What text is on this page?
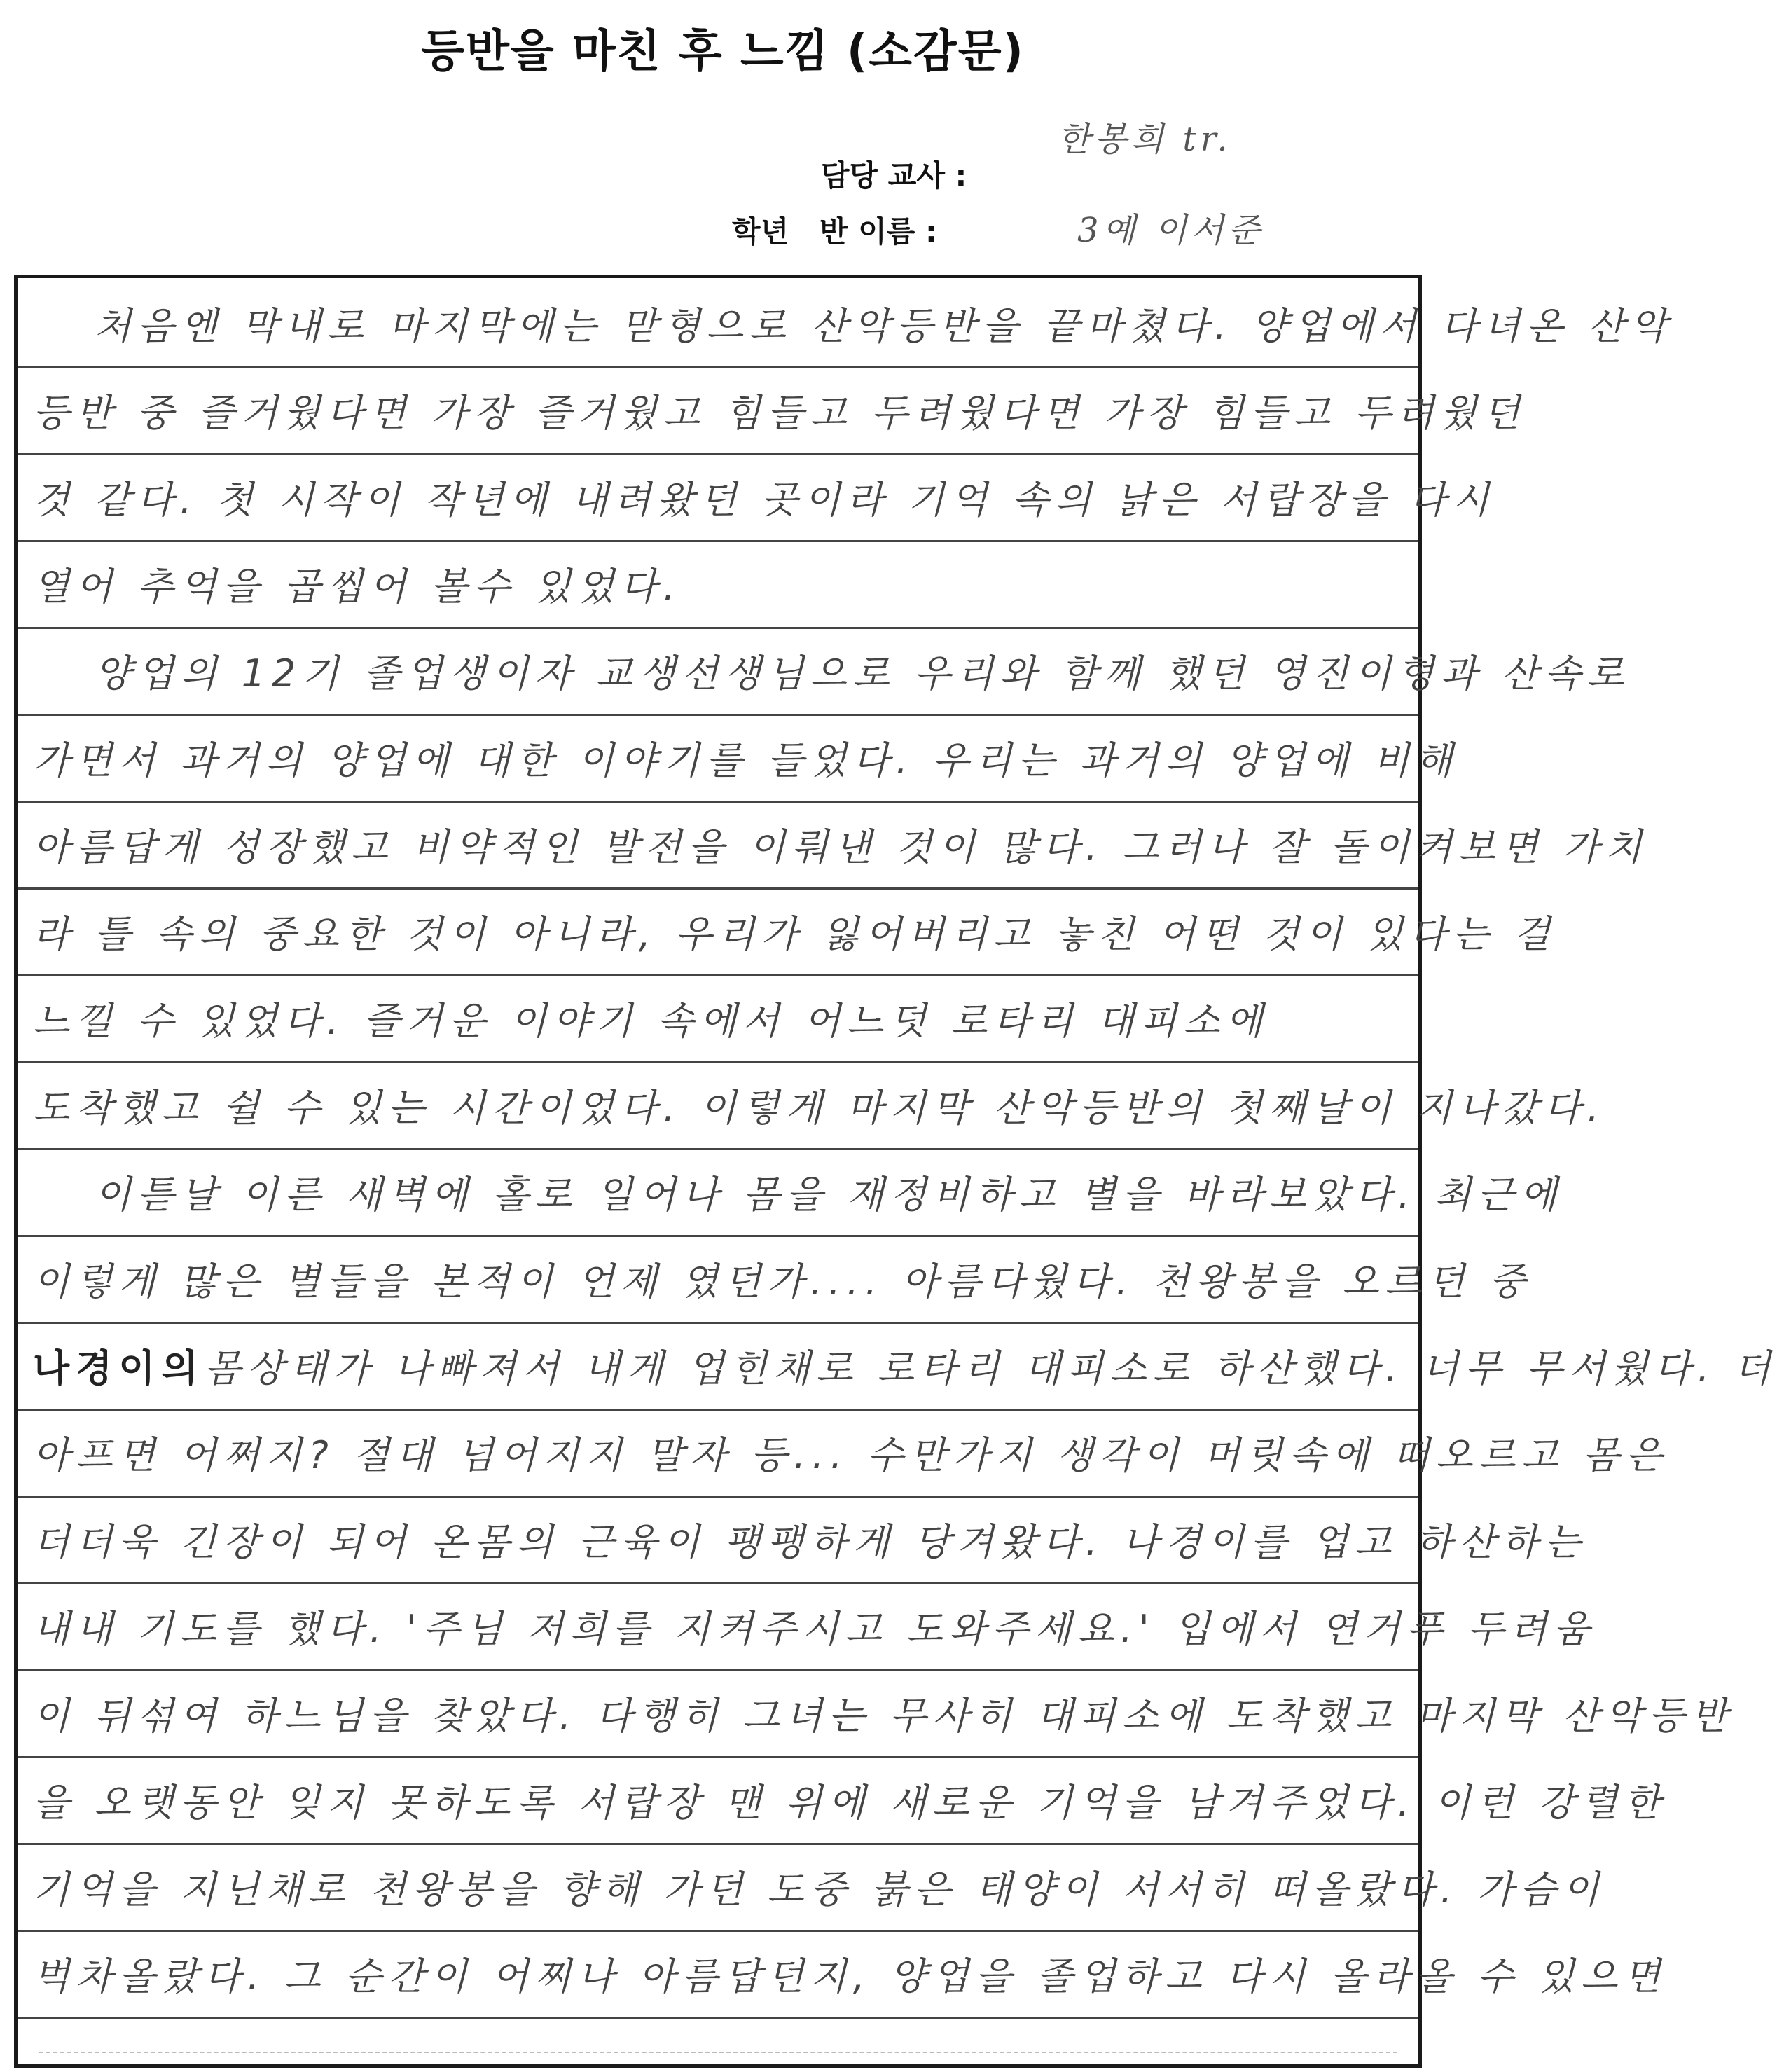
등반을 마친 후 느낌 (소감문)
담당 교사 :
한봉희 tr.
학년   반 이름 :	3예 이서준
처음엔 막내로 마지막에는 맏형으로 산악등반을 끝마쳤다. 양업에서 다녀온 산악
등반 중 즐거웠다면 가장 즐거웠고 힘들고 두려웠다면 가장 힘들고 두려웠던
것 같다. 첫 시작이 작년에 내려왔던 곳이라 기억 속의 낡은 서랍장을 다시
열어 추억을 곱씹어 볼수 있었다.
양업의 12기 졸업생이자 교생선생님으로 우리와 함께 했던 영진이형과 산속로
가면서 과거의 양업에 대한 이야기를 들었다. 우리는 과거의 양업에 비해
아름답게 성장했고 비약적인 발전을 이뤄낸 것이 많다. 그러나 잘 돌이켜보면 가치
라 틀 속의 중요한 것이 아니라, 우리가 잃어버리고 놓친 어떤 것이 있다는 걸
느낄 수 있었다. 즐거운 이야기 속에서 어느덧 로타리 대피소에
도착했고 쉴 수 있는 시간이었다. 이렇게 마지막 산악등반의 첫째날이 지나갔다.
이튿날 이른 새벽에 홀로 일어나 몸을 재정비하고 별을 바라보았다. 최근에
이렇게 많은 별들을 본적이 언제 였던가.... 아름다웠다. 천왕봉을 오르던 중
나경이의 몸상태가 나빠져서 내게 업힌채로 로타리 대피소로 하산했다. 너무 무서웠다. 더
아프면 어쩌지? 절대 넘어지지 말자 등... 수만가지 생각이 머릿속에 떠오르고 몸은
더더욱 긴장이 되어 온몸의 근육이 팽팽하게 당겨왔다. 나경이를 업고 하산하는
내내 기도를 했다. '주님 저희를 지켜주시고 도와주세요.' 입에서 연거푸 두려움
이 뒤섞여 하느님을 찾았다. 다행히 그녀는 무사히 대피소에 도착했고 마지막 산악등반
을 오랫동안 잊지 못하도록 서랍장 맨 위에 새로운 기억을 남겨주었다. 이런 강렬한
기억을 지닌채로 천왕봉을 향해 가던 도중 붉은 태양이 서서히 떠올랐다. 가슴이
벅차올랐다. 그 순간이 어찌나 아름답던지, 양업을 졸업하고 다시 올라올 수 있으면
